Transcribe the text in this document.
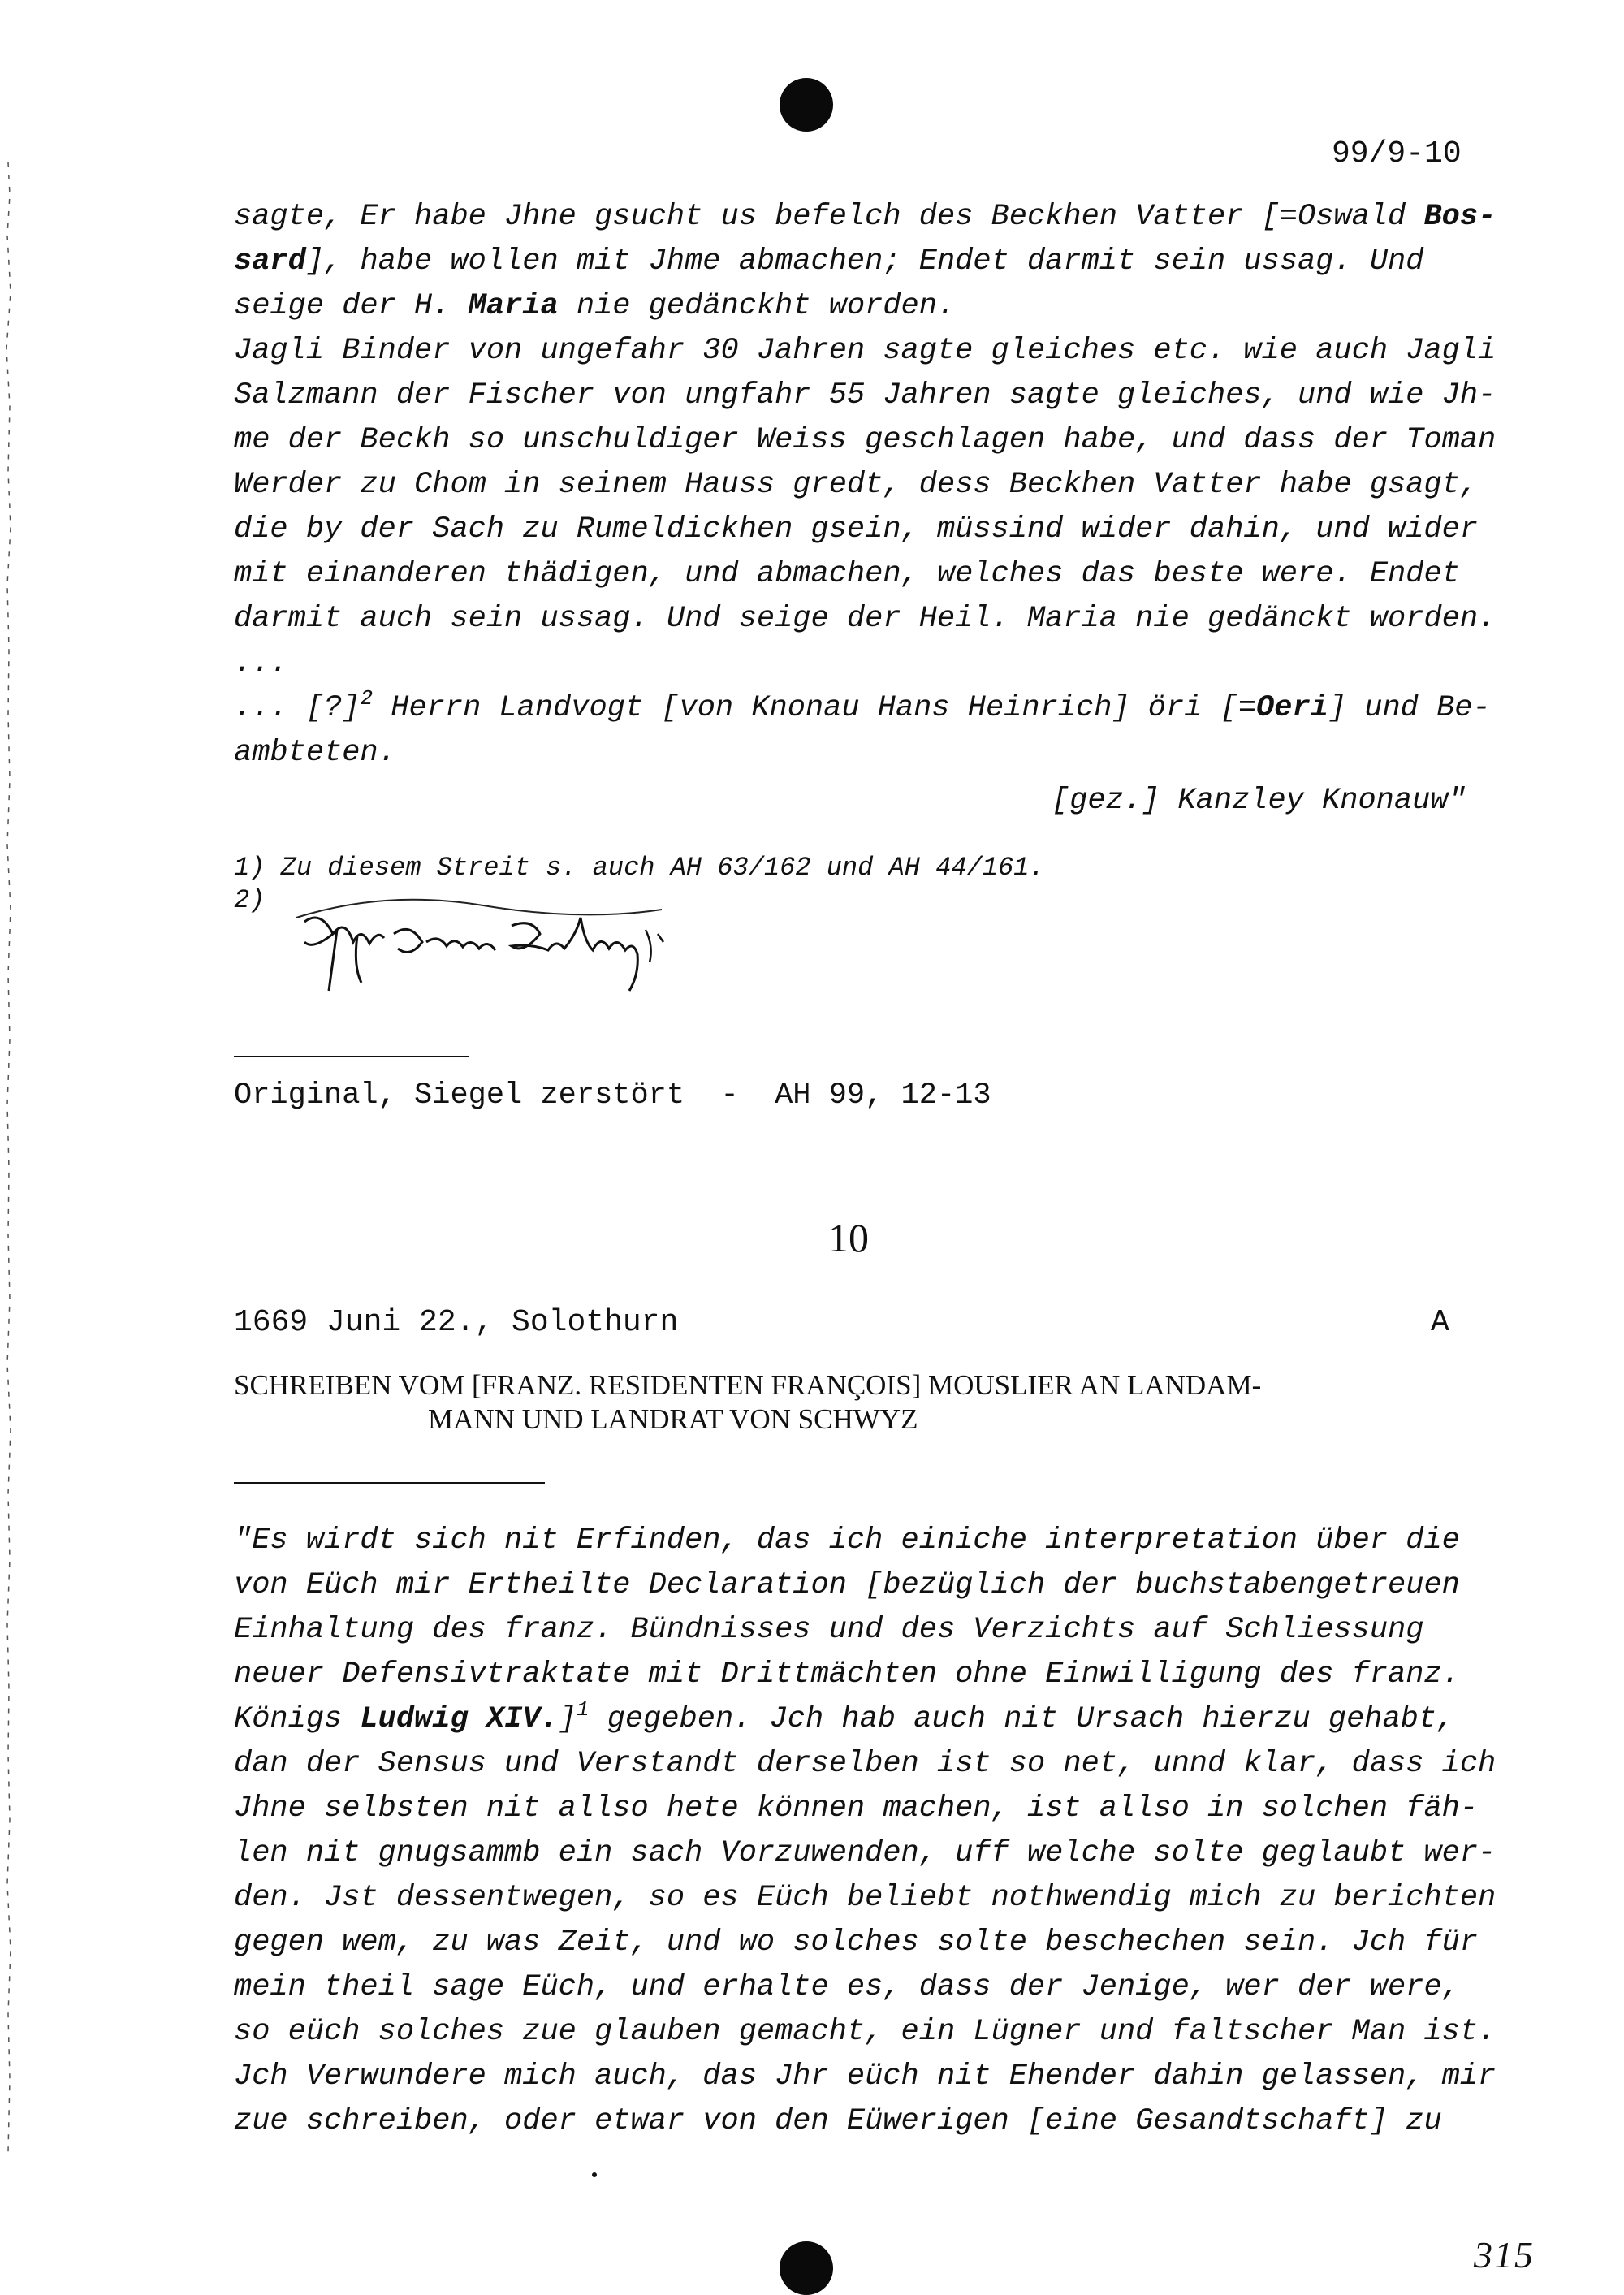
99/9-10
sagte, Er habe Jhne gsucht us befelch des Beckhen Vatter [=Oswald Bos-
sard], habe wollen mit Jhme abmachen; Endet darmit sein ussag. Und
seige der H. Maria nie gedänckht worden.
Jagli Binder von ungefahr 30 Jahren sagte gleiches etc. wie auch Jagli
Salzmann der Fischer von ungfahr 55 Jahren sagte gleiches, und wie Jh-
me der Beckh so unschuldiger Weiss geschlagen habe, und dass der Toman
Werder zu Chom in seinem Hauss gredt, dess Beckhen Vatter habe gsagt,
die by der Sach zu Rumeldickhen gsein, müssind wider dahin, und wider
mit einanderen thädigen, und abmachen, welches das beste were. Endet
darmit auch sein ussag. Und seige der Heil. Maria nie gedänckt worden.
...
... [?]$^2$ Herrn Landvogt [von Knonau Hans Heinrich] öri [=Oeri] und Be-
ambteten.
[gez.] Kanzley Knonauw"
1) Zu diesem Streit s. auch AH 63/162 und AH 44/161.
2)
Original, Siegel zerstört  -  AH 99, 12-13
10
1669 Juni 22., Solothurn	A
SCHREIBEN VOM [FRANZ. RESIDENTEN FRANÇOIS] MOUSLIER AN LANDAM-
MANN UND LANDRAT VON SCHWYZ
"Es wirdt sich nit Erfinden, das ich einiche interpretation über die
von Eüch mir Ertheilte Declaration [bezüglich der buchstabengetreuen
Einhaltung des franz. Bündnisses und des Verzichts auf Schliessung
neuer Defensivtraktate mit Drittmächten ohne Einwilligung des franz.
Königs Ludwig XIV.]$^1$ gegeben. Jch hab auch nit Ursach hierzu gehabt,
dan der Sensus und Verstandt derselben ist so net, unnd klar, dass ich
Jhne selbsten nit allso hete können machen, ist allso in solchen fäh-
len nit gnugsammb ein sach Vorzuwenden, uff welche solte geglaubt wer-
den. Jst dessentwegen, so es Eüch beliebt nothwendig mich zu berichten
gegen wem, zu was Zeit, und wo solches solte beschechen sein. Jch für
mein theil sage Eüch, und erhalte es, dass der Jenige, wer der were,
so eüch solches zue glauben gemacht, ein Lügner und faltscher Man ist.
Jch Verwundere mich auch, das Jhr eüch nit Ehender dahin gelassen, mir
zue schreiben, oder etwar von den Eüwerigen [eine Gesandtschaft] zu
315
